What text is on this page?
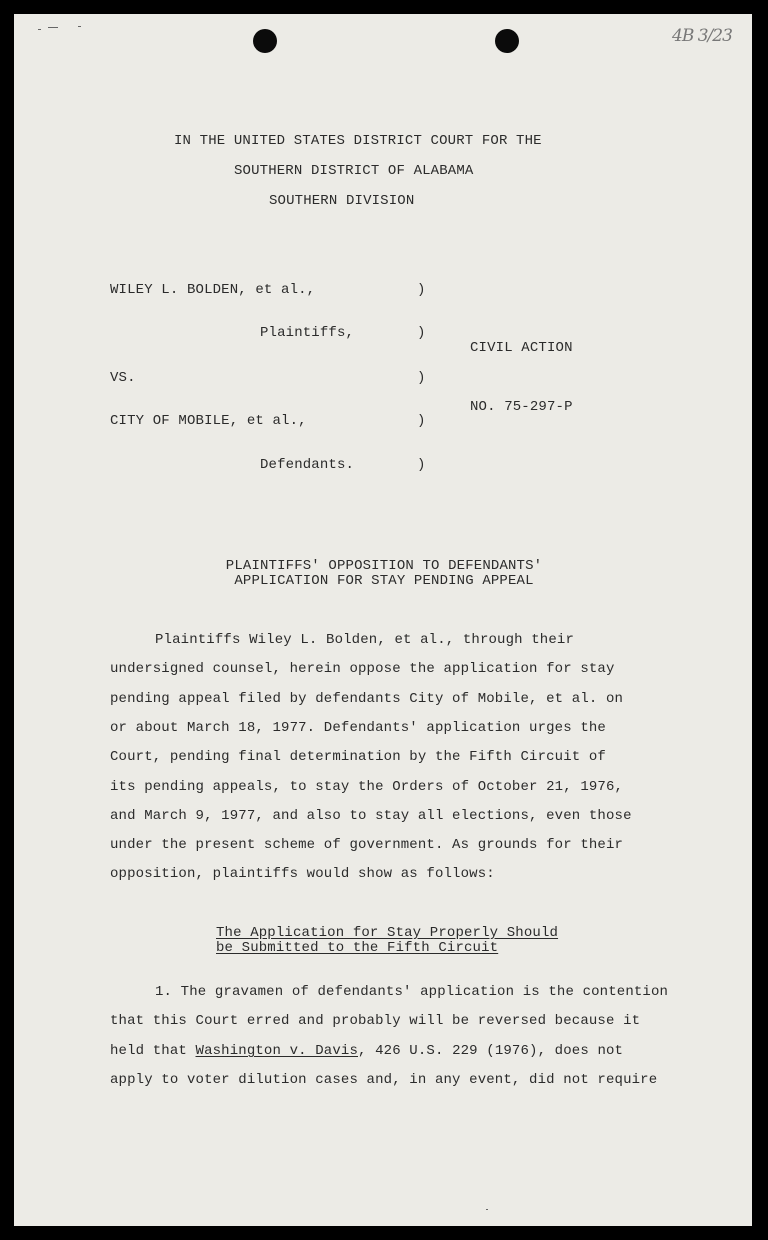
4B 3/23
IN THE UNITED STATES DISTRICT COURT FOR THE
SOUTHERN DISTRICT OF ALABAMA
SOUTHERN DIVISION
WILEY L. BOLDEN, et al.,
Plaintiffs,
VS.
CITY OF MOBILE, et al.,
Defendants.
)
)
)
)
)
CIVIL ACTION
NO. 75-297-P
PLAINTIFFS' OPPOSITION TO DEFENDANTS'
APPLICATION FOR STAY PENDING APPEAL
Plaintiffs Wiley L. Bolden, et al., through their
undersigned counsel, herein oppose the application for stay
pending appeal filed by defendants City of Mobile, et al. on
or about March 18, 1977. Defendants' application urges the
Court, pending final determination by the Fifth Circuit of
its pending appeals, to stay the Orders of October 21, 1976,
and March 9, 1977, and also to stay all elections, even those
under the present scheme of government. As grounds for their
opposition, plaintiffs would show as follows:
The Application for Stay Properly Should
be Submitted to the Fifth Circuit
1. The gravamen of defendants' application is the contention
that this Court erred and probably will be reversed because it
held that Washington v. Davis, 426 U.S. 229 (1976), does not
apply to voter dilution cases and, in any event, did not require
